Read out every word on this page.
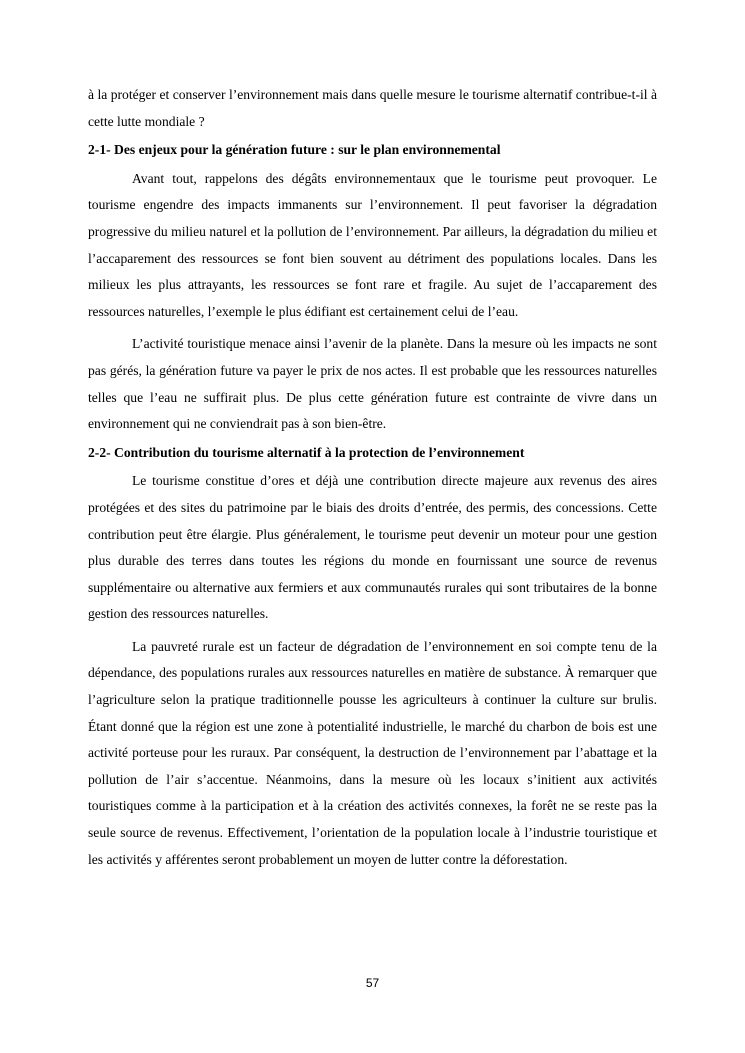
à la protéger et conserver l’environnement mais dans quelle mesure le tourisme alternatif contribue-t-il à cette lutte mondiale ?

2-1- Des enjeux pour la génération future : sur le plan environnemental

Avant tout, rappelons des dégâts environnementaux que le tourisme peut provoquer. Le tourisme engendre des impacts immanents sur l’environnement. Il peut favoriser la dégradation progressive du milieu naturel et la pollution de l’environnement. Par ailleurs, la dégradation du milieu et l’accaparement des ressources se font bien souvent au détriment des populations locales. Dans les milieux les plus attrayants, les ressources se font rare et fragile. Au sujet de l’accaparement des ressources naturelles, l’exemple le plus édifiant est certainement celui de l’eau.

L’activité touristique menace ainsi l’avenir de la planète. Dans la mesure où les impacts ne sont pas gérés, la génération future va payer le prix de nos actes. Il est probable que les ressources naturelles telles que l’eau ne suffirait plus. De plus cette génération future est contrainte de vivre dans un environnement qui ne conviendrait pas à son bien-être.

2-2- Contribution du tourisme alternatif à la protection de l’environnement

Le tourisme constitue d’ores et déjà une contribution directe majeure aux revenus des aires protégées et des sites du patrimoine par le biais des droits d’entrée, des permis, des concessions. Cette contribution peut être élargie. Plus généralement, le tourisme peut devenir un moteur pour une gestion plus durable des terres dans toutes les régions du monde en fournissant une source de revenus supplémentaire ou alternative aux fermiers et aux communautés rurales qui sont tributaires de la bonne gestion des ressources naturelles.

La pauvreté rurale est un facteur de dégradation de l’environnement en soi compte tenu de la dépendance, des populations rurales aux ressources naturelles en matière de substance. À remarquer que l’agriculture selon la pratique traditionnelle pousse les agriculteurs à continuer la culture sur brulis. Étant donné que la région est une zone à potentialité industrielle, le marché du charbon de bois est une activité porteuse pour les ruraux. Par conséquent, la destruction de l’environnement par l’abattage et la pollution de l’air s’accentue. Néanmoins, dans la mesure où les locaux s’initient aux activités touristiques comme à la participation et à la création des activités connexes, la forêt ne se reste pas la seule source de revenus. Effectivement, l’orientation de la population locale à l’industrie touristique et les activités y afférentes seront probablement un moyen de lutter contre la déforestation.

57
